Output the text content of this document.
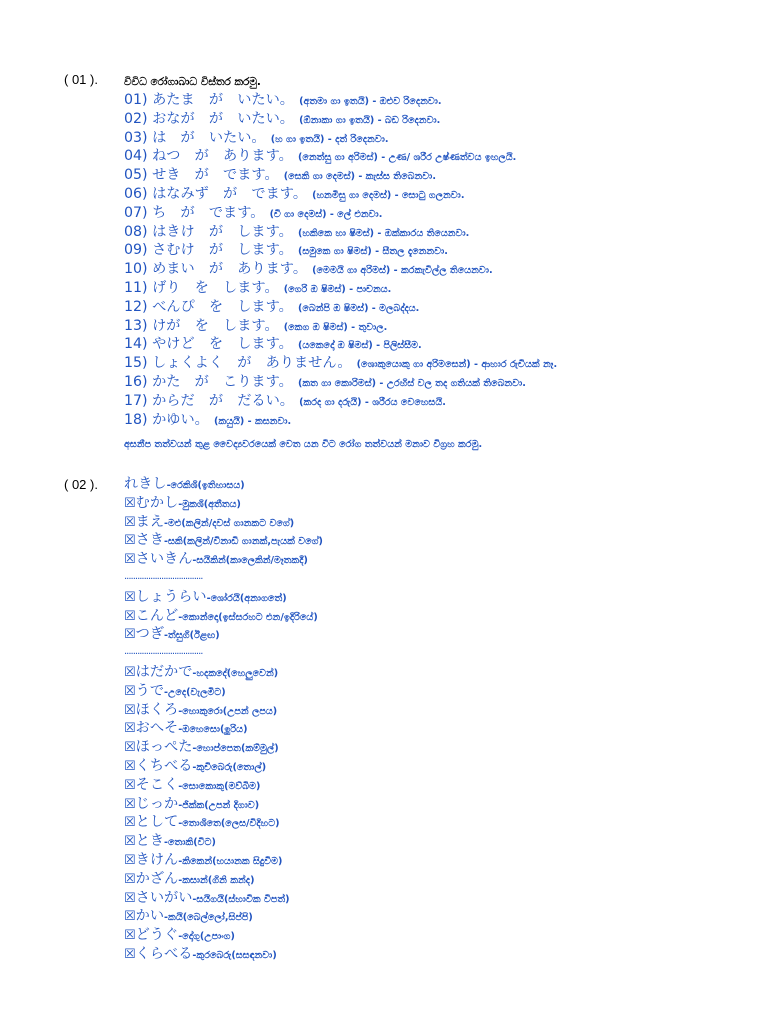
( 01 ). විවිධ රෝගාබාධ විස්තර කරමු.
01) あたま　が　いたい。 (අතමා ගා ඉතයි) - ඔළුව රිදෙනවා.
02) おなが　が　いたい。 (ඕනාකා ගා ඉතයි) - බඩ රිදෙනවා.
03) は　が　いたい。 (හ ගා ඉතයි) - දත් රිදෙනවා.
04) ねつ　が　あります。 (නෙත්සු ගා අරිමස්) - උණ/ ශරීර උෂ්ණත්වය ඉහලයි.
05) せき　が　でます。 (සෙකි ගා දෙමස්) - කැස්ස තිබෙනවා.
06) はなみず　が　でます。 (හනමිසු ගා දෙමස්) - සොටු ගලනවා.
07) ち　が　でます。 (චි ගා දෙමස්) - ලේ එනවා.
08) はきけ　が　します。 (හකිකෙ හා ෂිමස්) - ඔක්කාරය තියෙනවා.
09) さむけ　が　します。 (සමුකෙ ගා ෂිමස්) - සීතල දැනෙනවා.
10) めまい　が　あります。 (මෙමයි ගා අරිමස්) - කරකැවිල්ල තියෙනවා.
11) げり　を　します。 (ගෙරි ඔ ෂිමස්) - පාචනය.
12) べんぴ　を　します。 (බෙන්පි ඔ ෂිමස්) - මලබද්දය.
13) けが　を　します。 (කෙග ඔ ෂිමස්) - තුවාල.
14) やけど　を　します。 (යකෙදෝ ඔ ෂිමස්) - පිලිස්සීම.
15) しょくよく　が　ありません。 (ශොකුයොකු ගා අරිමසෙන්) - ආහාර රුචියක් නෑ.
16) かた　が　こります。 (කත ගා කොරිමස්) - උරහිස් වල තද ගතියක් තිබෙනවා.
17) からだ　が　だるい。 (කරද ගා දරුයි) - ශරීරය වෙහෙසයි.
18) かゆい。 (කයුයි) - කසනවා.
අසනීප තත්වයන් තුළ වෛද්‍යවරයෙක් වෙත යන විට රෝග තත්වයන් මනාව විග්‍රහ කරමු.
( 02 ). れきし-රෙකිශි(ඉතිහාසය)
☒むかし-මුකශි(අතීතය)
☒まえ-මඑ(කලින්/දවස් ගානකට වගේ)
☒さき-සකි(කලින්/විනාඩි ගානක්,පැයක් වගේ)
☒さいきん-සයිකින්(කාලෙකින්/මෑතකදී)
....................................
☒しょうらい-ශෝරයි(අනාගතේ)
☒こんど-කොන්දො(ඉස්සරහට එන/ඉදිරියේ)
☒つぎ-ත්සුගි(ඊළඟ)
....................................
☒はだかで-හදකදේ(හෙලුවෙන්)
☒うで-උදෙ(වැලමිට)
☒ほくろ-හොකුරො(උපන් ලපය)
☒おへそ-ඔහෙසො(ඉුරිය)
☒ほっぺた-හොප්පෙත(කම්මුල්)
☒くちべる-කුචිබෙරු(තොල්)
☒そこく-සොකොකු(මව්බිම)
☒じっか-ජික්ක(උපන් දිගාව)
☒として-තොශිතෙ(ලෙස/විදිහට)
☒とき-තොකි(විට)
☒きけん-කිකෙන්(භයානක සිදුවීම)
☒かざん-කසාන්(ගිනි කන්ද)
☒さいがい-සයිගයි(ස්භාවික විපත්)
☒かい-කයි(බෙල්ලෝ,සිප්පි)
☒どうぐ-දෝගු(උපාංග)
☒くらべる-කුරබෙරු(සසඳනවා)
